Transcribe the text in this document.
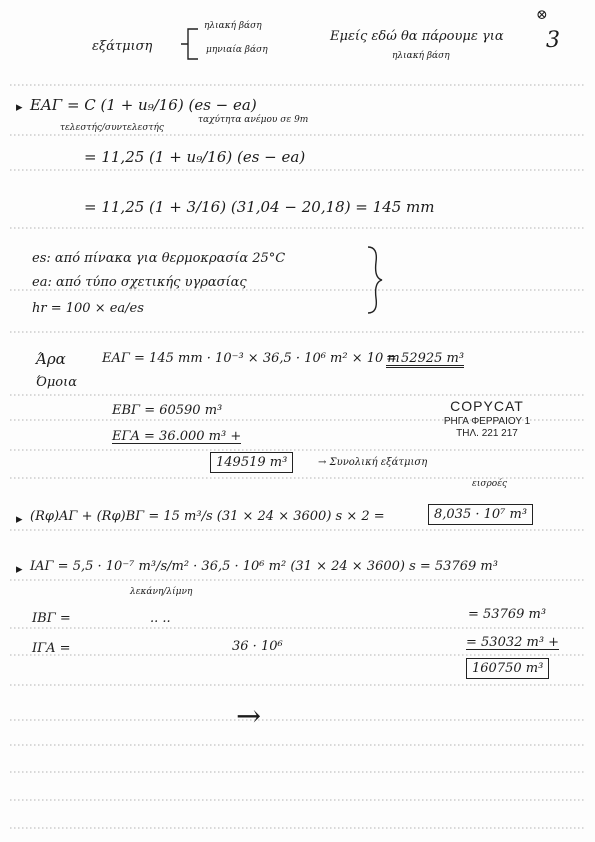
εξάτμιση
ηλιακή βάση
μηνιαία βάση
Εμείς εδώ θα πάρουμε για
ηλιακή βάση
⊗
3
▸ EΑΓ = C (1 + u₉/16) (es − ea)
τελεστής/συντελεστής
ταχύτητα ανέμου σε 9m
= 11,25 (1 + u₉/16) (es − ea)
= 11,25 (1 + 3/16) (31,04 − 20,18) = 145 mm
es: από πίνακα για θερμοκρασία 25°C
ea: από τύπο σχετικής υγρασίας
hr = 100 × ea/es
Άρα
Όμοια
EΑΓ = 145 mm · 10⁻³ × 36,5 · 10⁶ m² × 10 m
= 52925 m³
EΒΓ = 60590 m³
EΓΑ = 36.000 m³ +
149519 m³	→ Συνολική εξάτμιση
COPYCAT
ΡΗΓΑ ΦΕΡΡΑΙΟΥ 1
ΤΗΛ. 221 217
▸ (Rφ)ΑΓ + (Rφ)ΒΓ = 15 m³/s (31 × 24 × 3600) s × 2 =	8,035 · 10⁷ m³
εισροές
▸ IΑΓ = 5,5 · 10⁻⁷ m³/s/m² · 36,5 · 10⁶ m² (31 × 24 × 3600) s = 53769 m³
λεκάνη/λίμνη
IΒΓ =	.. ..	= 53769 m³
IΓΑ =	36 · 10⁶	= 53032 m³ +
160750 m³
→
